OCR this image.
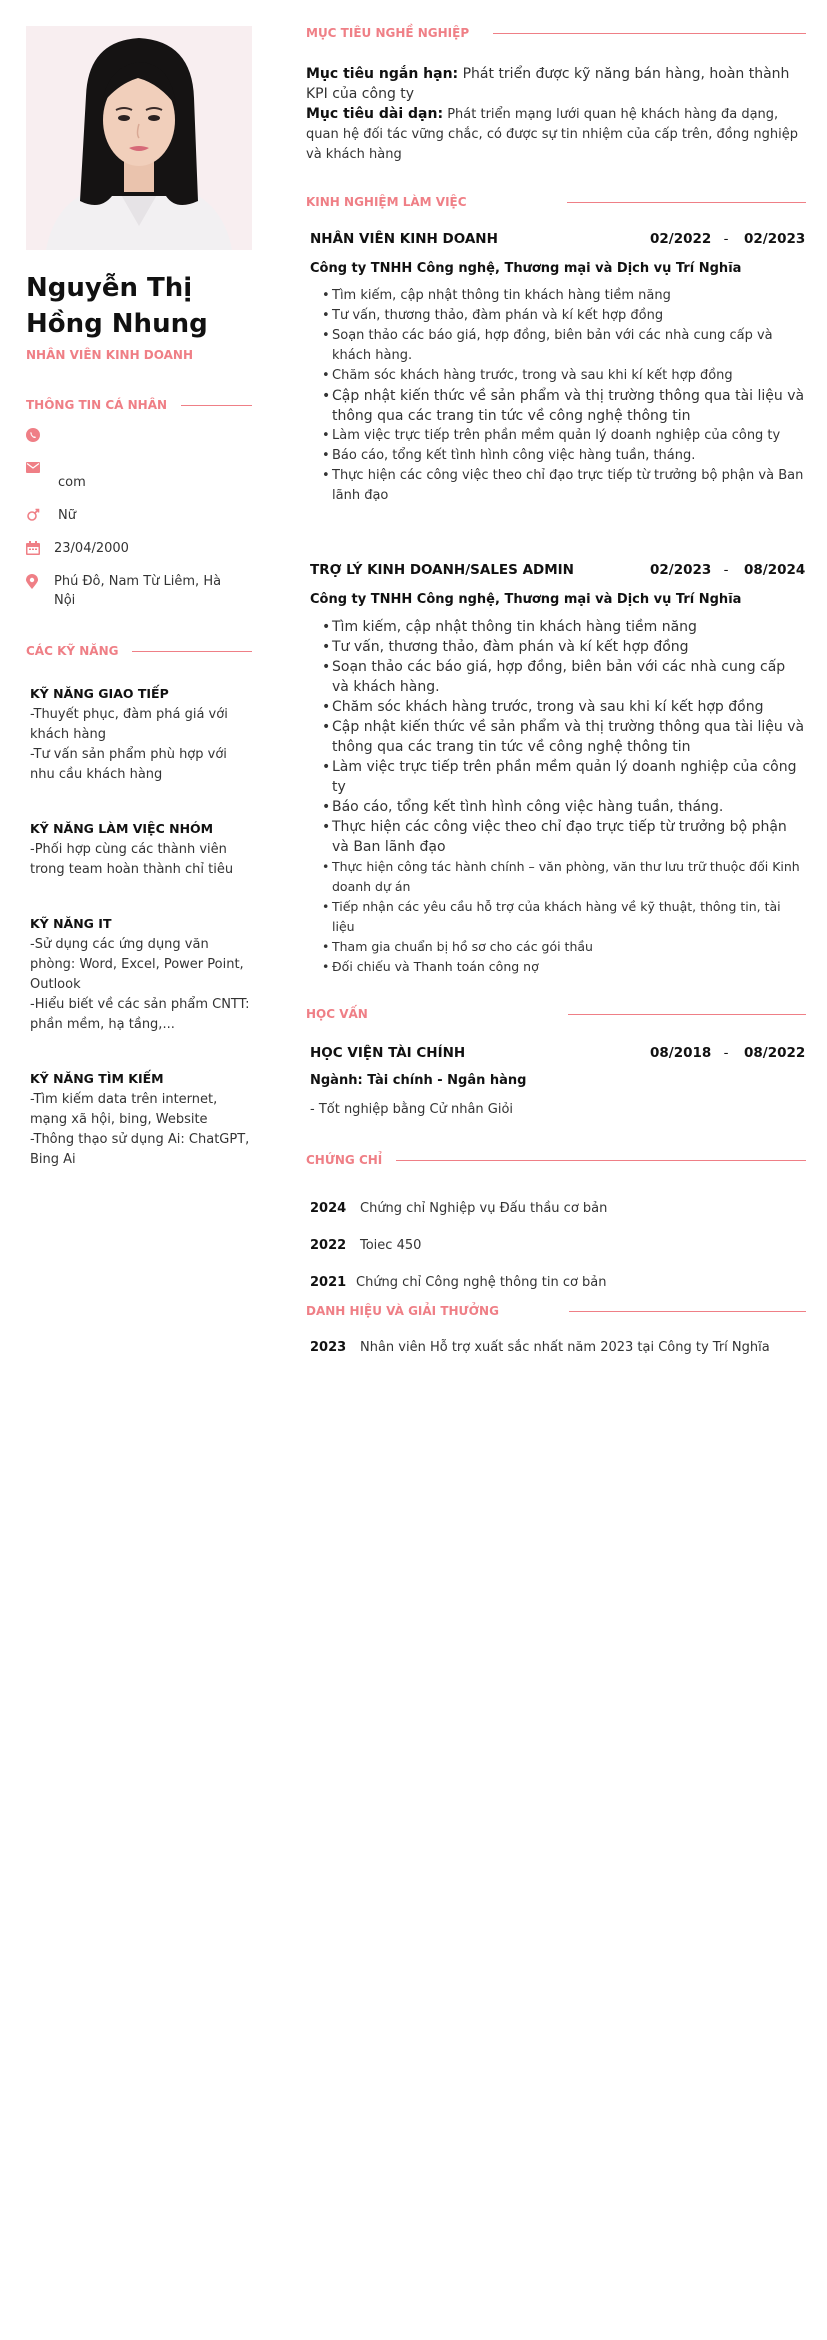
Nguyễn Thị Hồng Nhung
NHÂN VIÊN KINH DOANH
THÔNG TIN CÁ NHÂN
com
Nữ
23/04/2000
Phú Đô, Nam Từ Liêm, Hà Nội
CÁC KỸ NĂNG
KỸ NĂNG GIAO TIẾP
-Thuyết phục, đàm phá giá với khách hàng
-Tư vấn sản phẩm phù hợp với nhu cầu khách hàng
KỸ NĂNG LÀM VIỆC NHÓM
-Phối hợp cùng các thành viên trong team hoàn thành chỉ tiêu
KỸ NĂNG IT
-Sử dụng các ứng dụng văn phòng: Word, Excel, Power Point, Outlook
-Hiểu biết về các sản phẩm CNTT: phần mềm, hạ tầng,...
KỸ NĂNG TÌM KIẾM
-Tìm kiếm data trên internet, mạng xã hội, bing, Website
-Thông thạo sử dụng Ai: ChatGPT, Bing Ai
MỤC TIÊU NGHỀ NGHIỆP

Mục tiêu ngắn hạn: Phát triển được kỹ năng bán hàng, hoàn thành KPI của công ty

Mục tiêu dài dạn: Phát triển mạng lưới quan hệ khách hàng đa dạng, quan hệ đối tác vững chắc, có được sự tin nhiệm của cấp trên, đồng nghiệp và khách hàng

KINH NGHIỆM LÀM VIỆC
NHÂN VIÊN KINH DOANH	02/2022 -	02/2023
Công ty TNHH Công nghệ, Thương mại và Dịch vụ Trí Nghĩa
• Tìm kiếm, cập nhật thông tin khách hàng tiềm năng
• Tư vấn, thương thảo, đàm phán và kí kết hợp đồng
• Soạn thảo các báo giá, hợp đồng, biên bản với các nhà cung cấp và khách hàng.
• Chăm sóc khách hàng trước, trong và sau khi kí kết hợp đồng
• Cập nhật kiến thức về sản phẩm và thị trường thông qua tài liệu và thông qua các trang tin tức về công nghệ thông tin
• Làm việc trực tiếp trên phần mềm quản lý doanh nghiệp của công ty
• Báo cáo, tổng kết tình hình công việc hàng tuần, tháng.
• Thực hiện các công việc theo chỉ đạo trực tiếp từ trưởng bộ phận và Ban lãnh đạo
TRỢ LÝ KINH DOANH/SALES ADMIN	02/2023 -	08/2024
Công ty TNHH Công nghệ, Thương mại và Dịch vụ Trí Nghĩa
• Tìm kiếm, cập nhật thông tin khách hàng tiềm năng
• Tư vấn, thương thảo, đàm phán và kí kết hợp đồng
• Soạn thảo các báo giá, hợp đồng, biên bản với các nhà cung cấp và khách hàng.
• Chăm sóc khách hàng trước, trong và sau khi kí kết hợp đồng
• Cập nhật kiến thức về sản phẩm và thị trường thông qua tài liệu và thông qua các trang tin tức về công nghệ thông tin
• Làm việc trực tiếp trên phần mềm quản lý doanh nghiệp của công ty
• Báo cáo, tổng kết tình hình công việc hàng tuần, tháng.
• Thực hiện các công việc theo chỉ đạo trực tiếp từ trưởng bộ phận và Ban lãnh đạo
• Thực hiện công tác hành chính – văn phòng, văn thư lưu trữ thuộc đối Kinh doanh dự án
• Tiếp nhận các yêu cầu hỗ trợ của khách hàng về kỹ thuật, thông tin, tài liệu
• Tham gia chuẩn bị hồ sơ cho các gói thầu
• Đối chiếu và Thanh toán công nợ
HỌC VẤN
HỌC VIỆN TÀI CHÍNH	08/2018 -	08/2022
Ngành: Tài chính - Ngân hàng
- Tốt nghiệp bằng Cử nhân Giỏi
CHỨNG CHỈ
2024	Chứng chỉ Nghiệp vụ Đấu thầu cơ bản
2022	Toiec 450
2021 Chứng chỉ Công nghệ thông tin cơ bản
DANH HIỆU VÀ GIẢI THƯỞNG
2023	Nhân viên Hỗ trợ xuất sắc nhất năm 2023 tại Công ty Trí Nghĩa
